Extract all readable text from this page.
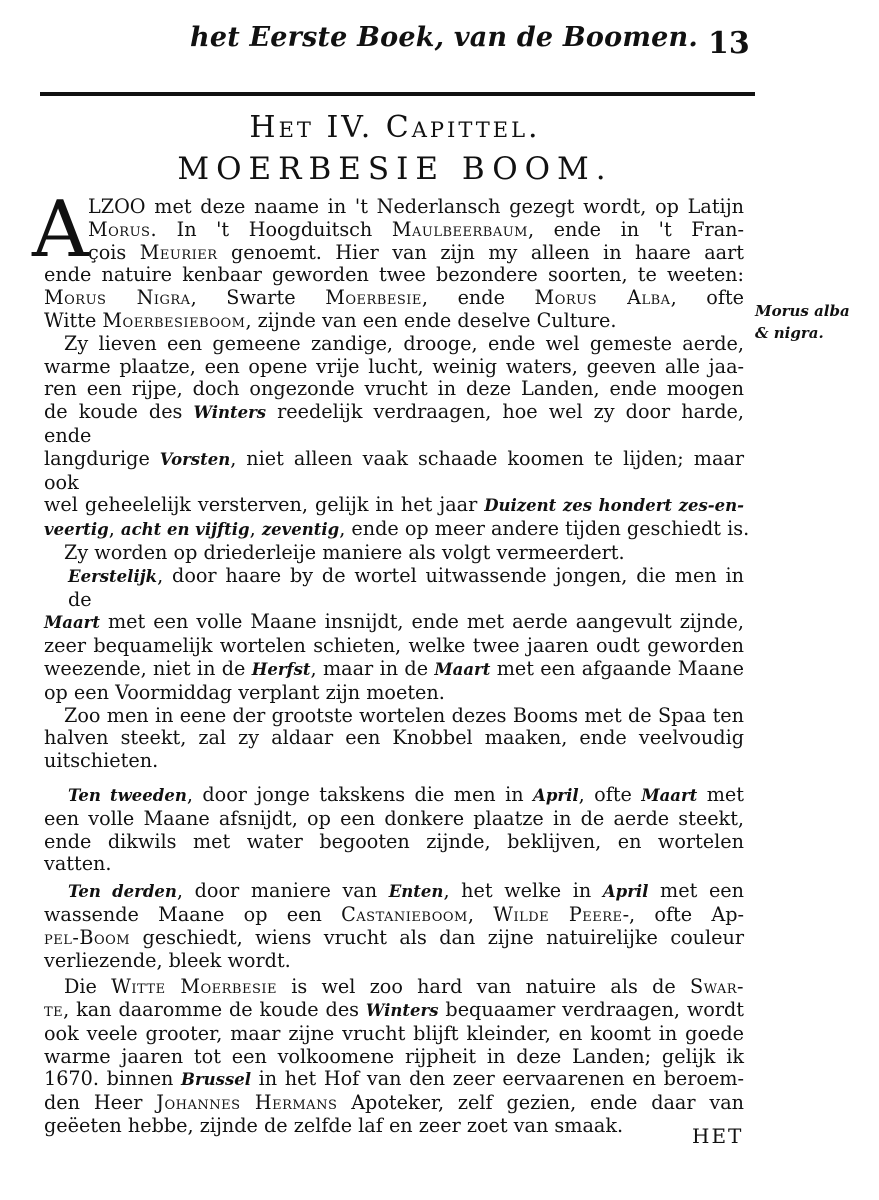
het Eerste Boek, van de Boomen. 13
Het IV. Capittel.
MOERBESIE BOOM.
A
Morus alba
& nigra.
LZOO met deze naame in 't Nederlansch gezegt wordt, op Latijn
Morus. In 't Hoogduitsch Maulbeerbaum, ende in 't Fran-
çois Meurier genoemt. Hier van zijn my alleen in haare aart
ende natuire kenbaar geworden twee bezondere soorten, te weeten:
Morus Nigra, Swarte Moerbesie, ende Morus Alba, ofte
Witte Moerbesieboom, zijnde van een ende deselve Culture.
Zy lieven een gemeene zandige, drooge, ende wel gemeste aerde,
warme plaatze, een opene vrije lucht, weinig waters, geeven alle jaa-
ren een rijpe, doch ongezonde vrucht in deze Landen, ende moogen
de koude des Winters reedelijk verdraagen, hoe wel zy door harde, ende
langdurige Vorsten, niet alleen vaak schaade koomen te lijden; maar ook
wel geheelelijk versterven, gelijk in het jaar Duizent zes hondert zes-en-
veertig, acht en vijftig, zeventig, ende op meer andere tijden geschiedt is.
Zy worden op driederleije maniere als volgt vermeerdert.
Eerstelijk, door haare by de wortel uitwassende jongen, die men in de
Maart met een volle Maane insnijdt, ende met aerde aangevult zijnde,
zeer bequamelijk wortelen schieten, welke twee jaaren oudt geworden
weezende, niet in de Herfst, maar in de Maart met een afgaande Maane
op een Voormiddag verplant zijn moeten.
Zoo men in eene der grootste wortelen dezes Booms met de Spaa ten
halven steekt, zal zy aldaar een Knobbel maaken, ende veelvoudig
uitschieten.
Ten tweeden, door jonge takskens die men in April, ofte Maart met
een volle Maane afsnijdt, op een donkere plaatze in de aerde steekt,
ende dikwils met water begooten zijnde, beklijven, en wortelen
vatten.
Ten derden, door maniere van Enten, het welke in April met een
wassende Maane op een Castanieboom, Wilde Peere-, ofte Ap-
pel-Boom geschiedt, wiens vrucht als dan zijne natuirelijke couleur
verliezende, bleek wordt.
Die Witte Moerbesie is wel zoo hard van natuire als de Swar-
te, kan daaromme de koude des Winters bequaamer verdraagen, wordt
ook veele grooter, maar zijne vrucht blijft kleinder, en koomt in goede
warme jaaren tot een volkoomene rijpheit in deze Landen; gelijk ik
1670. binnen Brussel in het Hof van den zeer eervaarenen en beroem-
den Heer Johannes Hermans Apoteker, zelf gezien, ende daar van
geëeten hebbe, zijnde de zelfde laf en zeer zoet van smaak.	HET
